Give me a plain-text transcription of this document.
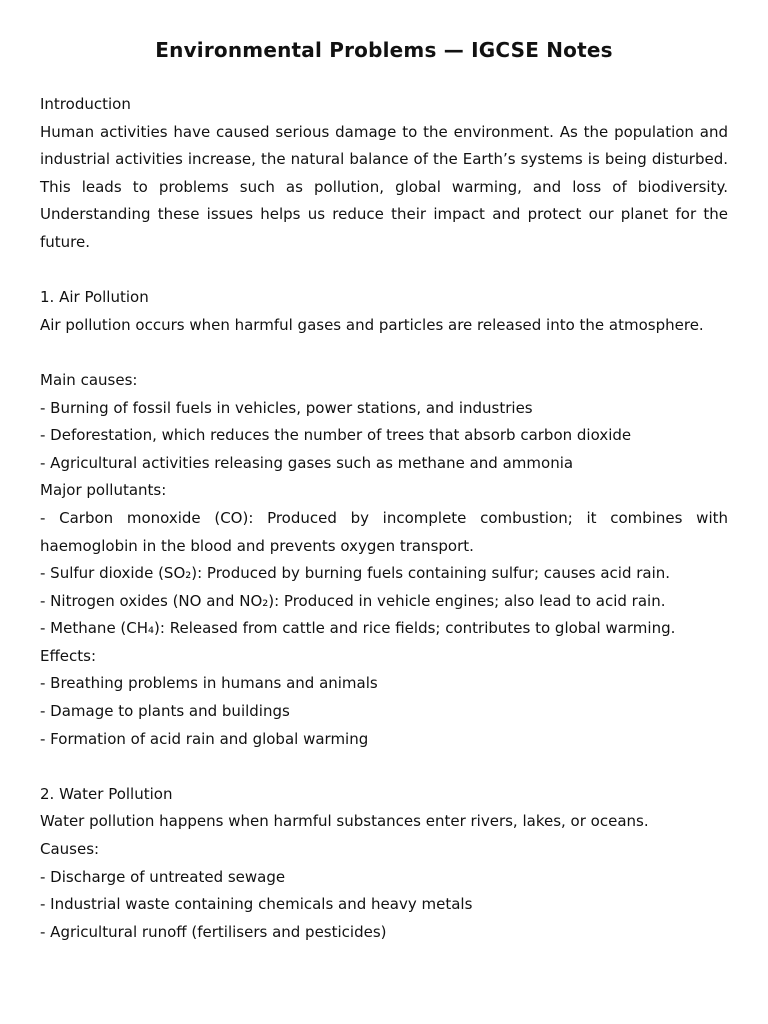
Environmental Problems — IGCSE Notes

Introduction

Human activities have caused serious damage to the environment. As the population and industrial activities increase, the natural balance of the Earth’s systems is being disturbed. This leads to problems such as pollution, global warming, and loss of biodiversity. Understanding these issues helps us reduce their impact and protect our planet for the future.

1. Air Pollution

Air pollution occurs when harmful gases and particles are released into the atmosphere.

Main causes:

- Burning of fossil fuels in vehicles, power stations, and industries

- Deforestation, which reduces the number of trees that absorb carbon dioxide

- Agricultural activities releasing gases such as methane and ammonia

Major pollutants:

- Carbon monoxide (CO): Produced by incomplete combustion; it combines with haemoglobin in the blood and prevents oxygen transport.

- Sulfur dioxide (SO₂): Produced by burning fuels containing sulfur; causes acid rain.

- Nitrogen oxides (NO and NO₂): Produced in vehicle engines; also lead to acid rain.

- Methane (CH₄): Released from cattle and rice fields; contributes to global warming.

Effects:

- Breathing problems in humans and animals

- Damage to plants and buildings

- Formation of acid rain and global warming

2. Water Pollution

Water pollution happens when harmful substances enter rivers, lakes, or oceans.

Causes:

- Discharge of untreated sewage

- Industrial waste containing chemicals and heavy metals

- Agricultural runoff (fertilisers and pesticides)
